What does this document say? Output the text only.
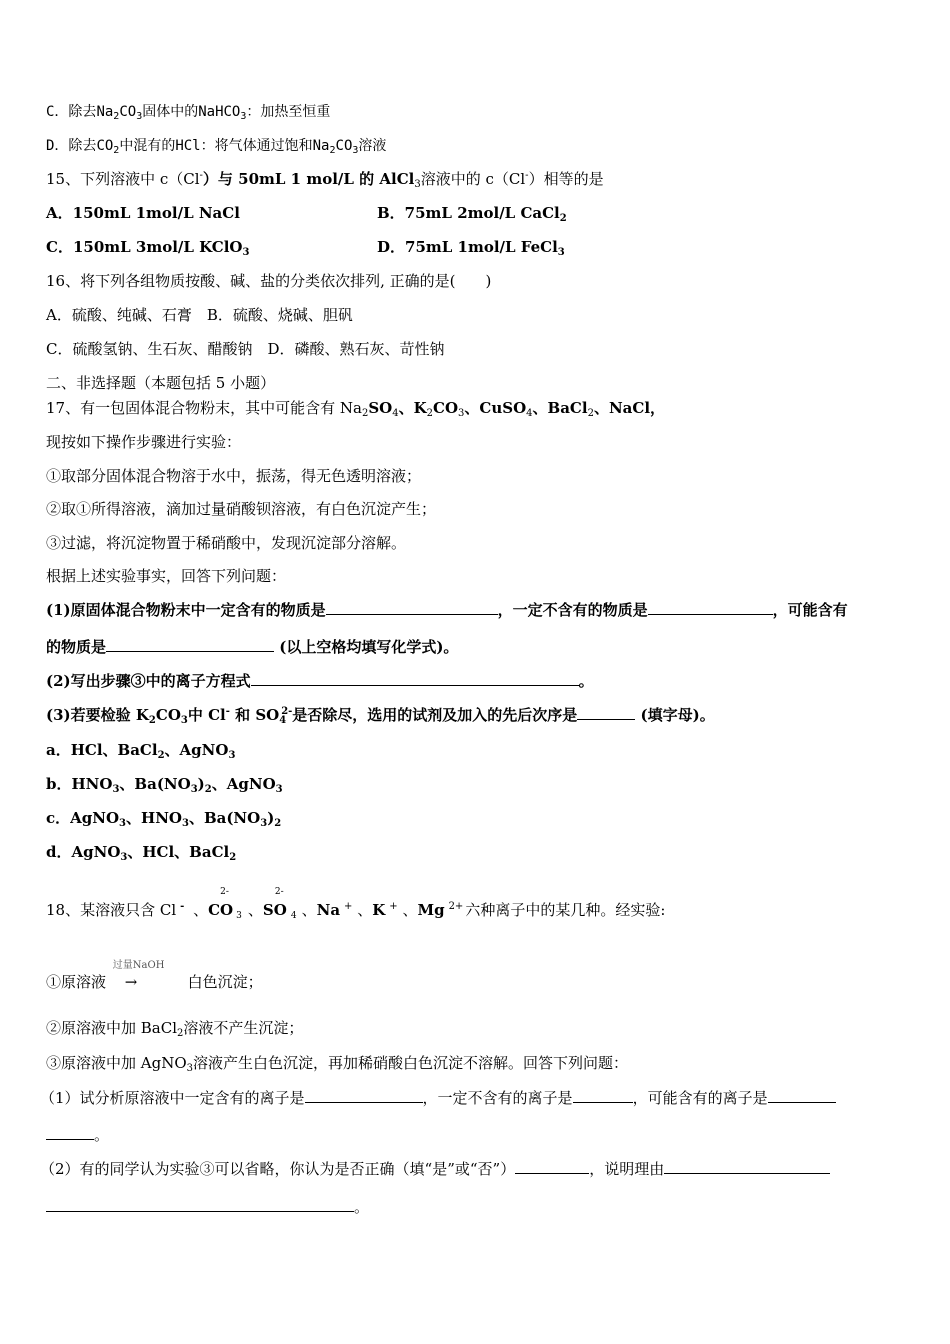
C．除去$Na_2CO_3$固体中的NaHCO$_3$：加热至恒重
D．除去$CO_2$中混有的HCl：将气体通过饱和$Na_2CO_3$溶液
15、下列溶液中 c（Cl-）与 50mL 1 mol/L 的 AlCl$_3$溶液中的 c（Cl-）相等的是
A．150mL 1mol/L NaCl	B．75mL 2mol/L CaCl$_2$
C．150mL 3mol/L KClO$_3$	D．75mL 1mol/L FeCl$_3$
16、将下列各组物质按酸、碱、盐的分类依次排列, 正确的是(　　)
A．硫酸、纯碱、石膏　B．硫酸、烧碱、胆矾
C．硫酸氢钠、生石灰、醋酸钠　D．磷酸、熟石灰、苛性钠
二、非选择题（本题包括 5 小题）
17、有一包固体混合物粉末，其中可能含有 $Na_2SO_4$、$K_2CO_3$、CuSO$_4$、BaCl$_2$、NaCl，
现按如下操作步骤进行实验：
①取部分固体混合物溶于水中，振荡，得无色透明溶液；
②取①所得溶液，滴加过量硝酸钡溶液，有白色沉淀产生；
③过滤，将沉淀物置于稀硝酸中，发现沉淀部分溶解。
根据上述实验事实，回答下列问题：
(1)原固体混合物粉末中一定含有的物质是	，一定不含有的物质是	，可能含有
的物质是	(以上空格均填写化学式)。
(2)写出步骤③中的离子方程式	。
(3)若要检验 $K_2CO_3$中 Cl- 和 $SO_4^{2-}$是否除尽，选用的试剂及加入的先后次序是	(填字母)。
a．HCl、BaCl$_2$、AgNO$_3$
b．$HNO_3$、$Ba(NO_3)_2$、AgNO$_3$
c．AgNO$_3$、$HNO_3$、$Ba(NO_3)_2$
d．AgNO$_3$、HCl、BaCl$_2$
18、某溶液只含 Cl - 、CO
2-
3 、SO
2-
4 、Na + 、K + 、Mg $^{2+}$ 六种离子中的某几种。经实验:
①原溶液
过量NaOH
→	白色沉淀；
②原溶液中加 BaCl$_2$溶液不产生沉淀；
③原溶液中加 AgNO$_3$溶液产生白色沉淀，再加稀硝酸白色沉淀不溶解。回答下列问题：
（1）试分析原溶液中一定含有的离子是	，一定不含有的离子是	，可能含有的离子是
。
（2）有的同学认为实验③可以省略，你认为是否正确（填“是”或“否”）	，说明理由
。
